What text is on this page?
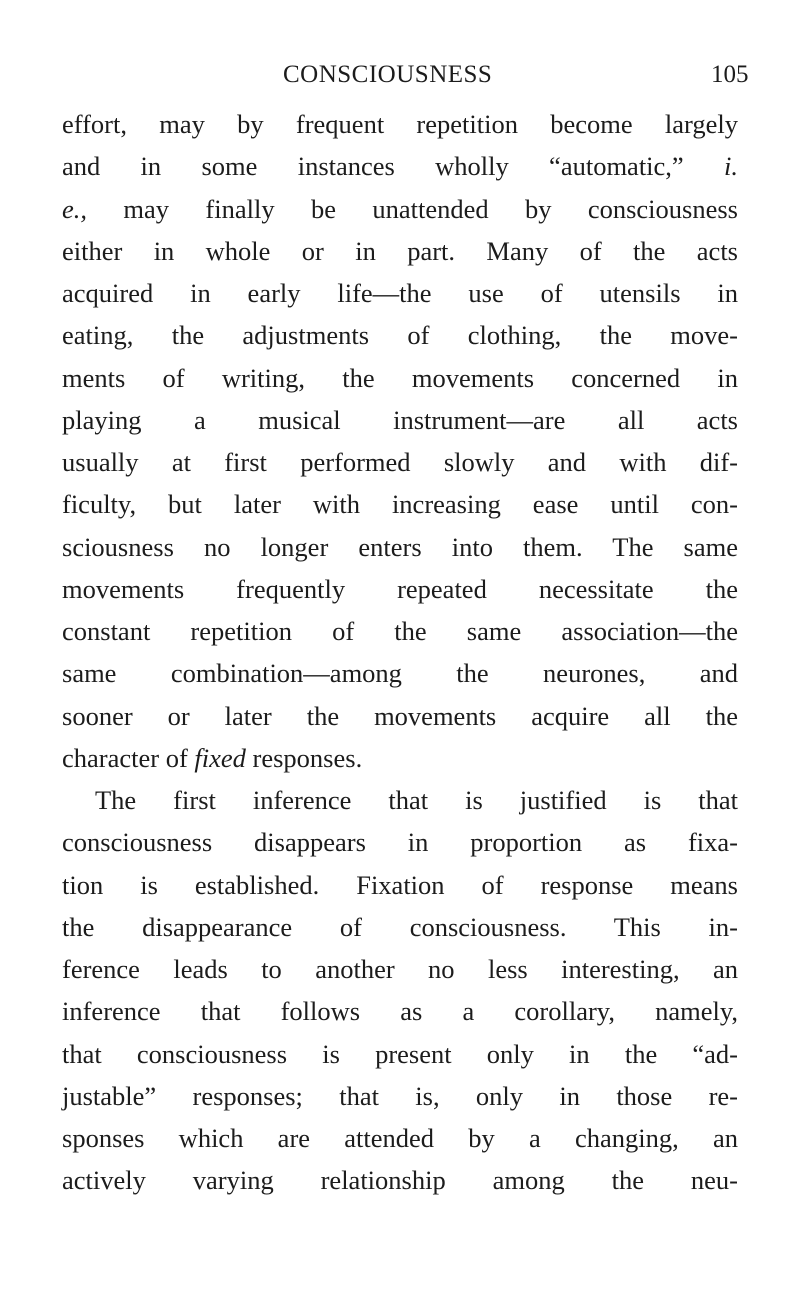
CONSCIOUSNESS	105
effort, may by frequent repetition become largely
and in some instances wholly “automatic,” i.
e., may finally be unattended by consciousness
either in whole or in part. Many of the acts
acquired in early life—the use of utensils in
eating, the adjustments of clothing, the move-
ments of writing, the movements concerned in
playing a musical instrument—are all acts
usually at first performed slowly and with dif-
ficulty, but later with increasing ease until con-
sciousness no longer enters into them. The same
movements frequently repeated necessitate the
constant repetition of the same association—the
same combination—among the neurones, and
sooner or later the movements acquire all the
character of fixed responses.
The first inference that is justified is that
consciousness disappears in proportion as fixa-
tion is established. Fixation of response means
the disappearance of consciousness. This in-
ference leads to another no less interesting, an
inference that follows as a corollary, namely,
that consciousness is present only in the “ad-
justable” responses; that is, only in those re-
sponses which are attended by a changing, an
actively varying relationship among the neu-
